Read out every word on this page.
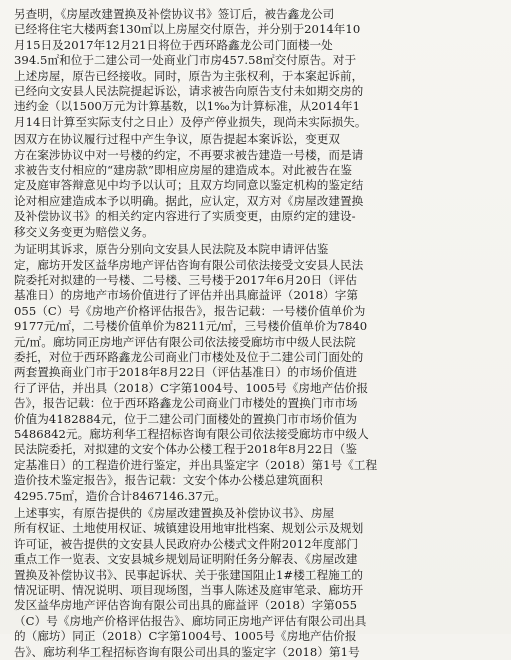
另查明，《房屋改建置换及补偿协议书》签订后，被告鑫龙公司
已经将住宅大楼两套130㎡以上房屋交付原告，并分别于2014年10
月15日及2017年12月21日将位于西环路鑫龙公司门面楼一处
394.5㎡和位于二建公司一处商业门市房457.58㎡交付原告。对于
上述房屋，原告已经接收。同时，原告为主张权利，于本案起诉前，
已经向文安县人民法院提起诉讼，请求被告向原告支付未如期交房的
违约金（以1500万元为计算基数，以1‰为计算标准，从2014年1
月14日计算至实际支付之日止）及停产停业损失，现尚未实际损失。
因双方在协议履行过程中产生争议，原告提起本案诉讼，变更双
方在案涉协议中对一号楼的约定，不再要求被告建造一号楼，而是请
求被告支付相应的“建房款”即相应房屋的建造成本。对此被告在鉴
定及庭审答辩意见中均予以认可；且双方均同意以鉴定机构的鉴定结
论对相应建造成本予以明确。据此，应认定，双方对《房屋改建置换
及补偿协议书》的相关约定内容进行了实质变更，由原约定的建设-
移交义务变更为赔偿义务。
为证明其诉求，原告分别向文安县人民法院及本院申请评估鉴
定，廊坊开发区益华房地产评估咨询有限公司依法接受文安县人民法
院委托对拟建的一号楼、二号楼、三号楼于2017年6月20日（评估
基准日）的房地产市场价值进行了评估并出具廊益评（2018）字第
055（C）号《房地产价格评估报告》，报告记载：一号楼价值单价为
9177元/㎡，二号楼价值单价为8211元/㎡，三号楼价值单价为7840
元/㎡。廊坊同正房地产评估有限公司依法接受廊坊市中级人民法院
委托，对位于西环路鑫龙公司商业门市楼处及位于二建公司门面处的
两套置换商业门市于2018年8月22日（评估基准日）的市场价值进
行了评估，并出具（2018）C字第1004号、1005号《房地产估价报
告》，报告记载：位于西环路鑫龙公司商业门市楼处的置换门市市场
价值为4182884元，位于二建公司门面楼处的置换门市市场价值为
5486842元。廊坊利华工程招标咨询有限公司依法接受廊坊市中级人
民法院委托，对拟建的文安个体办公楼工程于2018年8月22日（鉴
定基准日）的工程造价进行鉴定，并出具鉴定字（2018）第1号《工程
造价技术鉴定报告》，报告记载：文安个体办公楼总建筑面积
4295.75㎡，造价合计8467146.37元。
上述事实，有原告提供的《房屋改建置换及补偿协议书》、房屋
所有权证、土地使用权证、城镇建设用地审批档案、规划公示及规划
许可证，被告提供的文安县人民政府办公楼式文件附2012年度部门
重点工作一览表、文安县城乡规划局证明附任务分解表、《房屋改建
置换及补偿协议书》、民事起诉状、关于张建国阻止1#楼工程施工的
情况证明、情况说明、项目现场图，当事人陈述及庭审笔录、廊坊开
发区益华房地产评估咨询有限公司出具的廊益评（2018）字第055
（C）号《房地产价格评估报告》、廊坊同正房地产评估有限公司出具
的（廊坊）同正（2018）C字第1004号、1005号《房地产估价报
告》、廊坊利华工程招标咨询有限公司出具的鉴定字（2018）第1号
